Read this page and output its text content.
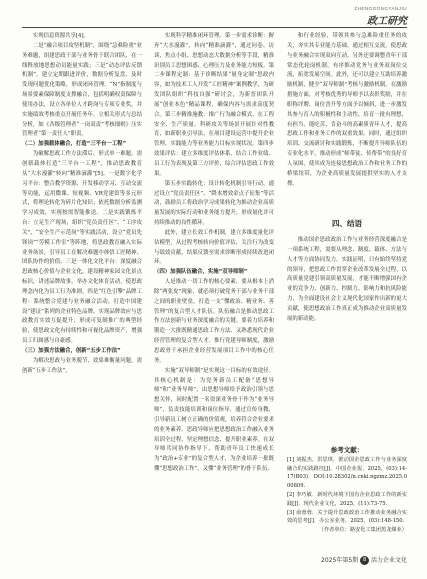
ZHENGGONGYANJIU
政工研究

实现信息资源共享[4]。

二是“融合项目攻坚机制”，围绕“急难险重”业务难题，组建思政干部与业务骨干联合团队，在一线释放地思想动员能量实践；三是“动态评估反馈机制”，建立定期跟进评价，数据分析复盘，及时发现问题优化策略，形成闭环管理。“N”指制度与场景要素保障制度支撑融合，包括明确权责保障与使用办法，设立各单位人才跨岗与专项专业奖，并实施绩效考核重点开展任务年。立相关形式与总结分析，如《各级管理者“一岗双责”考核细则》压实管理者“第一责任人”职责。

（二）加强载体融合，打造“三平台一工程”

为破解思政工作方法滞后、形式单一难题，需创新载体打造“三平台一工程”，推动思政教育从“大水漫灌”转向“精准滴灌”[5]。一是数字化学习平台：整合教学资源，开发移动学习、互动交流等功能，运用微课、短视频、VR党建馆等多元形式，将理论转化为碎片化知识；依托数据分析监测学习成效，实现按需智能推送。二是实践锻炼平台：立足生产现场，组织“党员责任区”、“工序攻关”、“安全生产示范岗”等实践活动，设立“党员先锋岗”“劳模工作室”等阵地，将思政教育融入实际业务场景，引导员工在解决难题中体悟工匠精神、团队协作的价值。三是一体化文化平台：深度融合思政核心价值与企业文化，建设精神家园文化景点标识，讲述品牌故事，举办文化体育活动，使思政理念内化为员工行为准则。四是“红色引擎”品牌工程：系统整合党建与业务融合活动，打造中国建设“建证”系列的企业特色品牌，实现品牌效应与思政教育实效互促提升，形成可复制推广的典型经验，使思政文化有持续性和可视化品牌资产，增强员工归属感与自豪感。

（三）加强方法融合，创新“五步工作法”

为解决思政与业务脱节、效果难衡量问题，需创新“五步工作法”，

实现科学精准闭环管理。第一步需求诊断：摒弃“大水漫灌”，转向“精准滴灌”，通过问卷、访谈、焦点小组、思想动态大数据分析等手段，精准识别员工思想困惑、心理压力及业务能力短板。第二步课程定制：基于诊断结果“量身定制”思政内容，如为技术工人开发“工匠精神”案例教学，为研发团队组织“科技自强”研讨会，为新晋团队开展“创业本色”精品课程，确保内容与需求高度契合。第三步精准施教：推广行为融合模式，在工程安全、生产质量、科研攻关等场景开展针对性教育，如新职业引导法，在项目建设运营中提升企业管理、实践能力等业务能力目标实现状况。第四步效果评估：建立多维度评估体系，结合工作业绩、员工行为表现及第三方评价，综合评估思政工作效果。

第五步实践转化：设计转化机制引导行动，通过设立“党员责任区”、“降本增效金点子征集”等活动，鼓励员工将政治学习成果转化为推动企业高质量发展的实际行动和业务能力提升，形成量化并可持续推动的良性循环。

此外，建立长效工作机制，建立多维度量化评估模型，从过程考核转向价值评估，关注行为改变与绩效贡献，结果反馈至需求诊断形成持续改进闭环。

（四）加强队伍融合，实施“双导师制”

人是推动一切工作的核心要素，要从根本上消除“两张皮”现象，就必须打破党务干部与业务干部之间的职业壁垒，打造一支“懂政治、精业务、善管理”的复合型人才队伍。队伍融合是推动思政工作方法创新与业务深度融合的关键。要着力培养和锻造一大批既精通思政工作方法、又熟悉现代企业经营管理的复合型人才。推行党建导师制度，激励思政骨干承担企业经营发展项目工作中的核心任务。

实施“双导师制”是实现这一目标的有效途径。其核心机制是：为党务新员工配备“思想导师”和“业务导师”，由思想导师给予政治引领与思想关怀，同时配置一名资深业务骨干作为“业务导师”，负责技能培训和岗位指导。通过宣传身教，引导新员工树立正确的价值观，培养符合企业要求的业务素养。思政导师应把思想政治工作融入业务培训全过程，坚定理想信念、提升职业素养。在双导师共同协作指导下，帮助青年员工快速成长为“政治+专业”的复合型人才，为企业培养一批既懂“思想政治工作”、又懂“业务管理”的骨干队伍。

和行业经验，带领其参与急难险重任务的攻关，夯实其专业能力基础。通过相互交流，使思政与业务融合实现双向互动。另外还要调整青年干部常态化轮岗机制，有序推动党务与业务双岗位交流，拓宽发展空间。此外，还可以建立互助培养激励机制，健全“双导师制”考核与激励机制。在激励措施方面，对考核优秀的导师予以表彰奖励，并在职称评聘、岗位晋升等方面予以倾斜，进一步激发其参与育人的积极性和主动性，培育一批有理想、有担当、能吃苦、肯奋斗的高素质青年人才，提高思政工作和业务工作的双重效果。同时，通过组织培训、交流研讨和实践锻炼，不断提升导师队伍的专业化水平，推动形成“师带徒、传帮带”的良好育人氛围，使其成为连接思想政治工作和业务工作的桥梁纽带，为企业高质量发展提供坚实的人才支撑。

四、结语

推动国企思政政治工作与业务经营深度融合是一项系统工程，需要从理念、制度、载体、方法与人才等方面协同发力。实践证明，只有始终坚持党的领导，把思政工作贯穿企业改革发展全过程，以高质量党建引领高质量发展，才能不断增强国有企业的竞争力、创新力、控制力、影响力和抗风险能力，为全面建设社会主义现代化国家作出新的更大贡献，使思想政治工作真正成为推动企业高质量发展的新动能。

参考文献：

[1] 刘振杰，洪思琪．推动国企思政工作与业务深度融合的实践路径[J]．中国企业报，2025，(03):14-17(B03)．DOI:10.28302/n.cnki.ngzmz.2025.000809.

[2] 李巧敏．新时代环境下国有企业思政工作的新实践[J]．现代企业文化，2025，(11):73-75.

[3] 俞蓉蓉．关于提升思政政治工作推动业务融合实效的思考[J]．办公室业务，2025，(03):148-150.

（作者单位：路安化工集团黑龙煤业）

2025年第5期 8 活力企业文化
